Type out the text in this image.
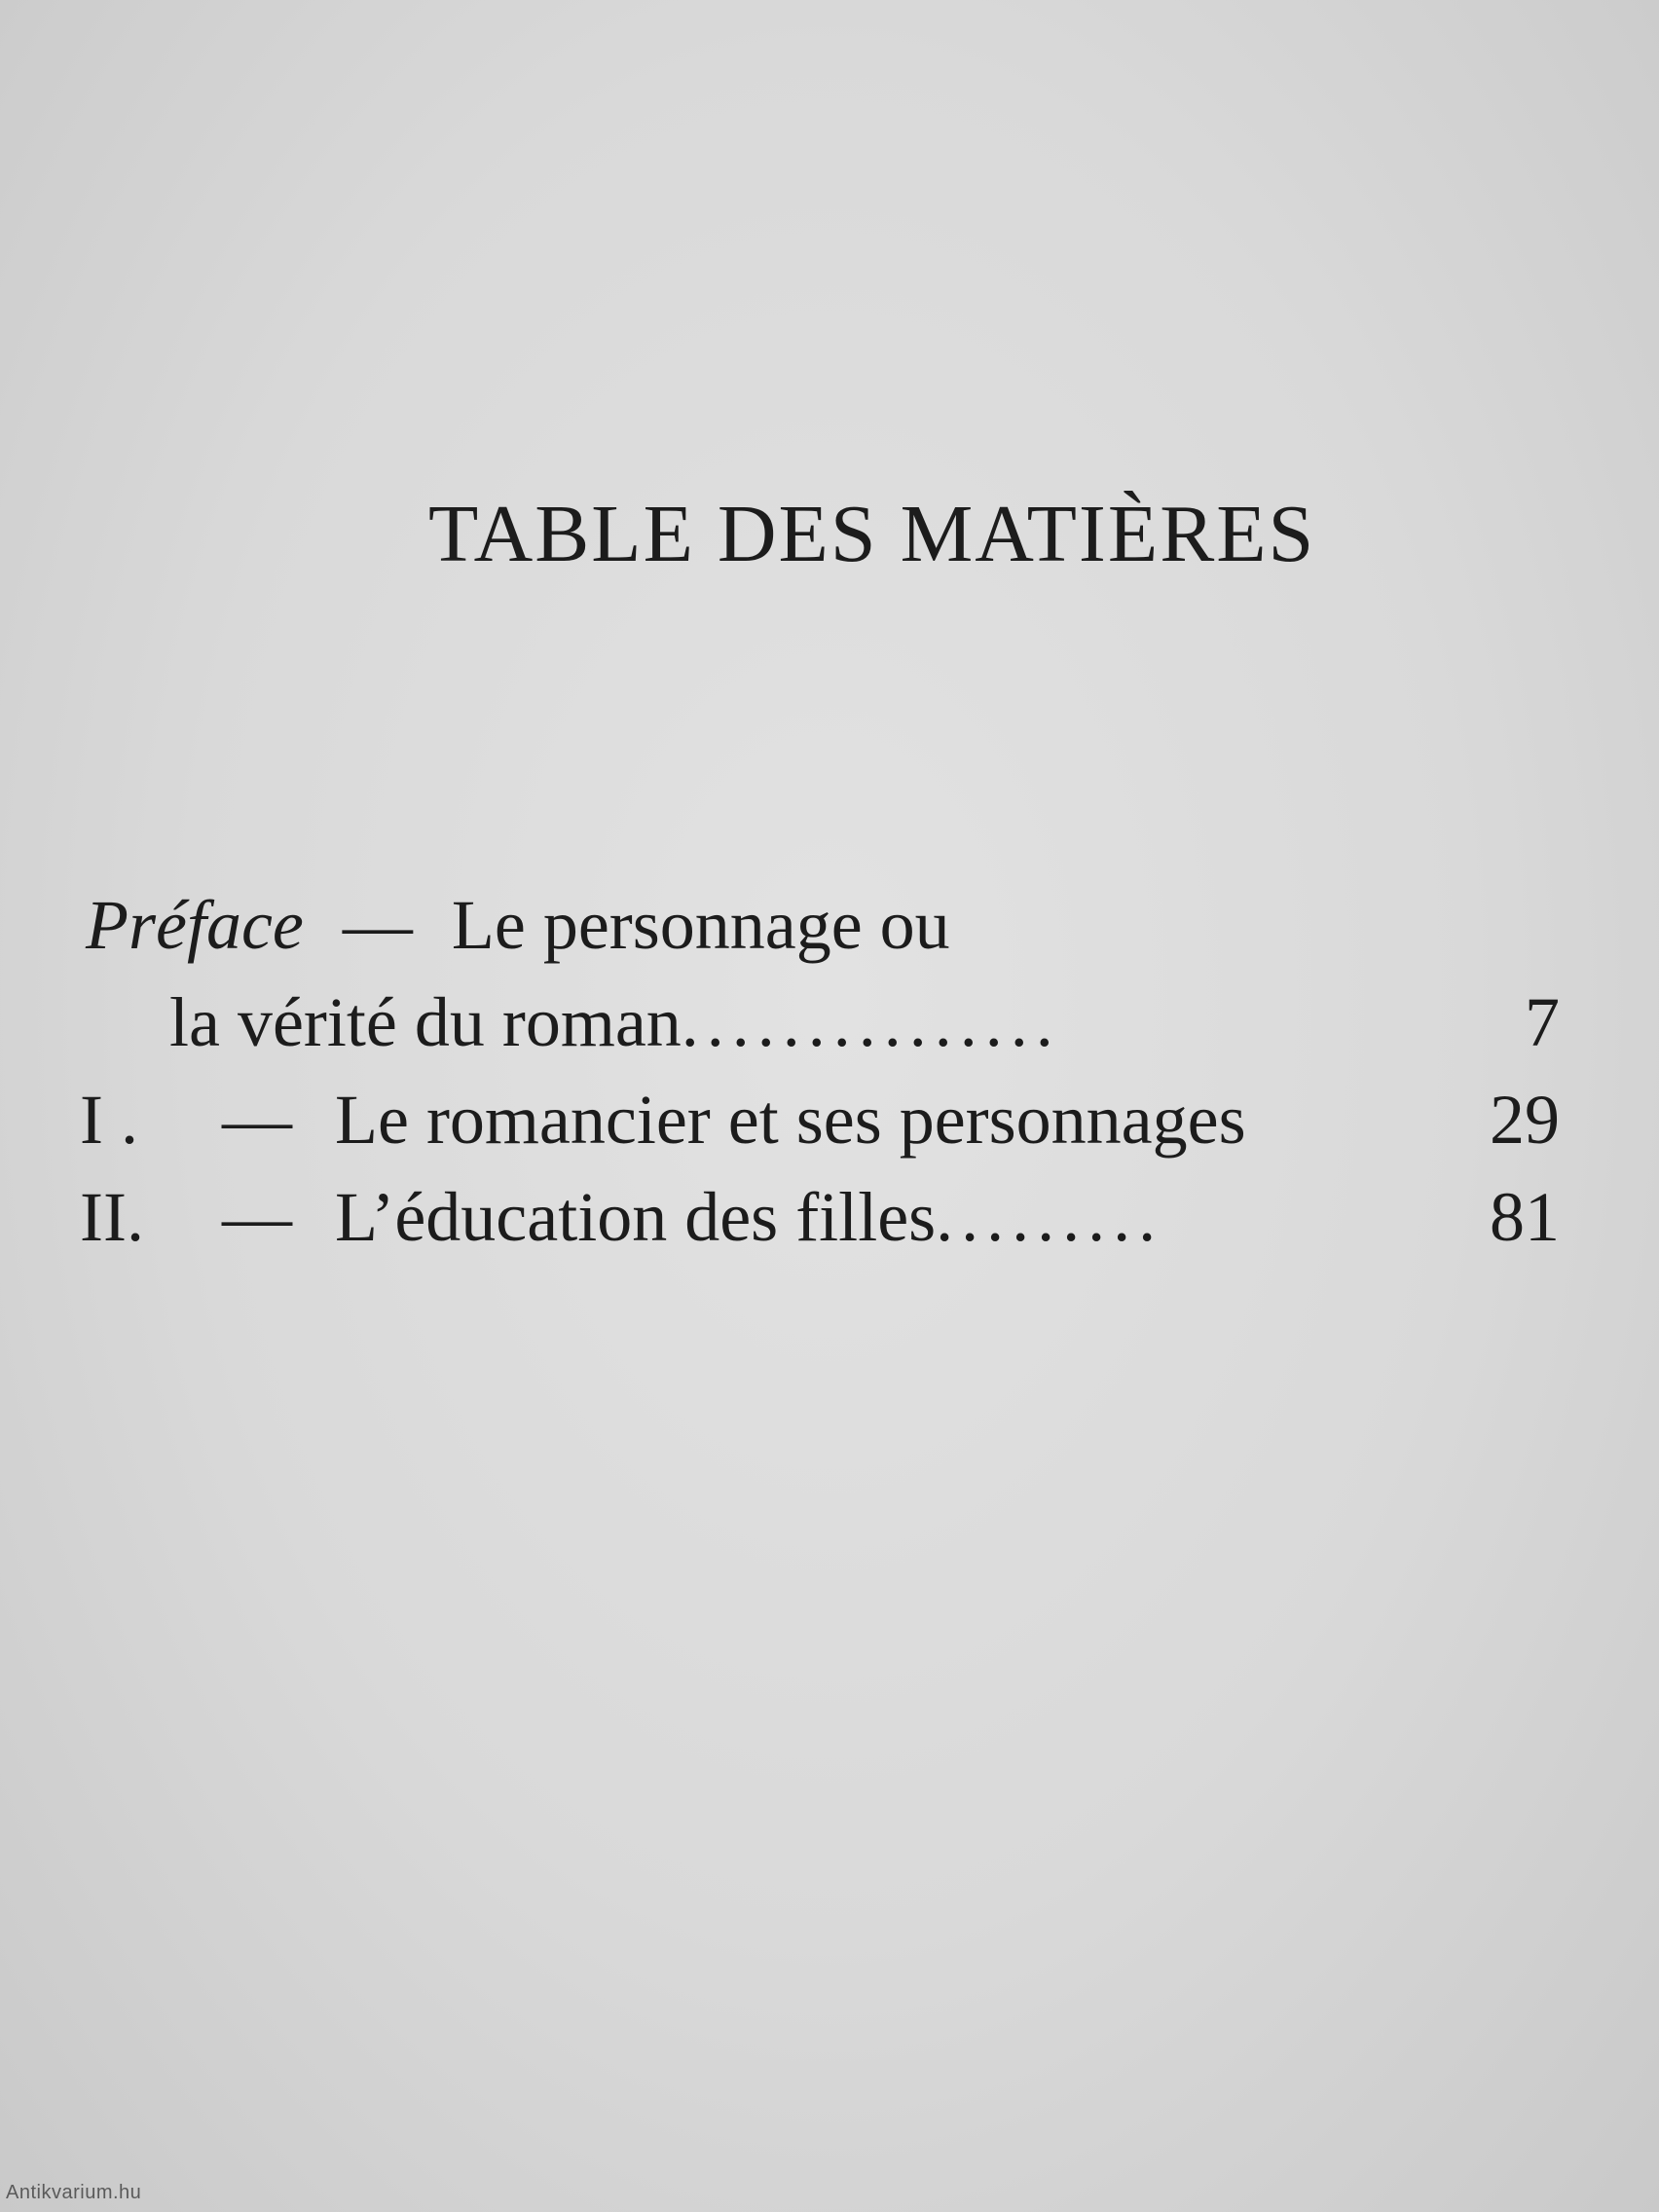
TABLE DES MATIÈRES
Préface — Le personnage ou
la vérité du roman...............	7
I . — Le romancier et ses personnages	29
II. — L’éducation des filles.........	81
Antikvarium.hu
